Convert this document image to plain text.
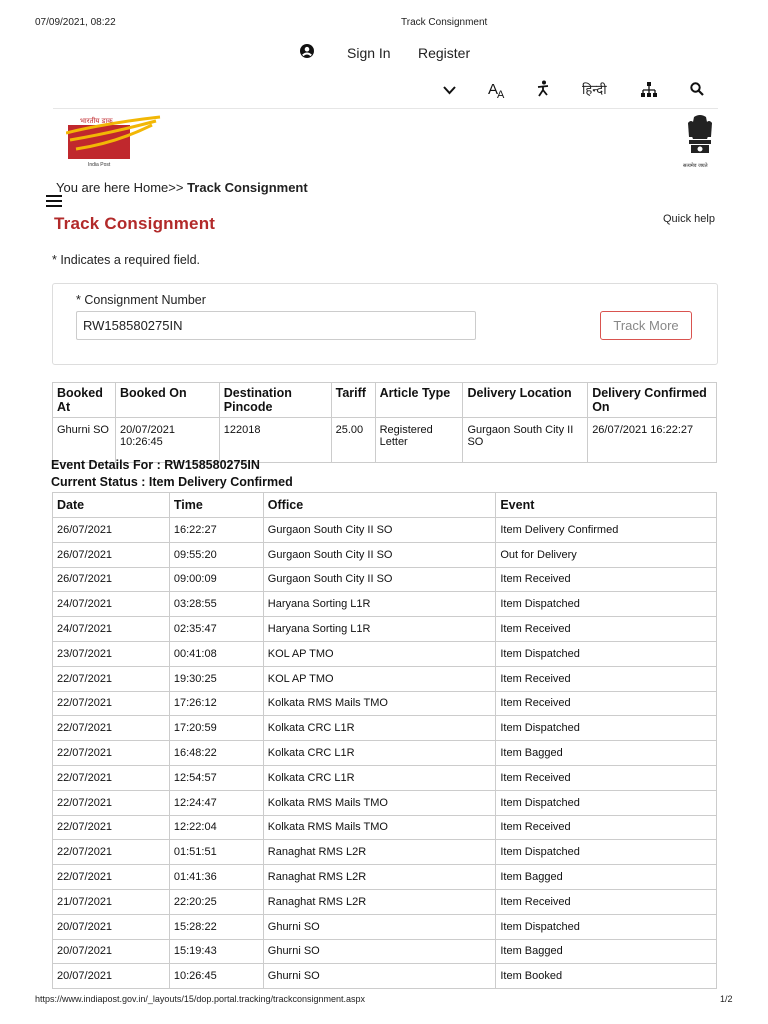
07/09/2021, 08:22	Track Consignment
Sign In Register
A
A	हिन्दी
भारतीय डाक
India Post	सत्यमेव जयते
You are here Home>> Track Consignment
Track Consignment	Quick help
* Indicates a required field.
* Consignment Number
RW158580275IN	Track More
Booked At	Booked On	Destination Pincode	Tariff	Article Type	Delivery Location	Delivery Confirmed On
Ghurni SO	20/07/2021 10:26:45	122018	25.00	Registered Letter	Gurgaon South City II SO	26/07/2021 16:22:27
Event Details For : RW158580275IN
Current Status : Item Delivery Confirmed
Date	Time	Office	Event
26/07/2021	16:22:27	Gurgaon South City II SO	Item Delivery Confirmed
26/07/2021	09:55:20	Gurgaon South City II SO	Out for Delivery
26/07/2021	09:00:09	Gurgaon South City II SO	Item Received
24/07/2021	03:28:55	Haryana Sorting L1R	Item Dispatched
24/07/2021	02:35:47	Haryana Sorting L1R	Item Received
23/07/2021	00:41:08	KOL AP TMO	Item Dispatched
22/07/2021	19:30:25	KOL AP TMO	Item Received
22/07/2021	17:26:12	Kolkata RMS Mails TMO	Item Received
22/07/2021	17:20:59	Kolkata CRC L1R	Item Dispatched
22/07/2021	16:48:22	Kolkata CRC L1R	Item Bagged
22/07/2021	12:54:57	Kolkata CRC L1R	Item Received
22/07/2021	12:24:47	Kolkata RMS Mails TMO	Item Dispatched
22/07/2021	12:22:04	Kolkata RMS Mails TMO	Item Received
22/07/2021	01:51:51	Ranaghat RMS L2R	Item Dispatched
22/07/2021	01:41:36	Ranaghat RMS L2R	Item Bagged
21/07/2021	22:20:25	Ranaghat RMS L2R	Item Received
20/07/2021	15:28:22	Ghurni SO	Item Dispatched
20/07/2021	15:19:43	Ghurni SO	Item Bagged
20/07/2021	10:26:45	Ghurni SO	Item Booked
https://www.indiapost.gov.in/_layouts/15/dop.portal.tracking/trackconsignment.aspx	1/2
